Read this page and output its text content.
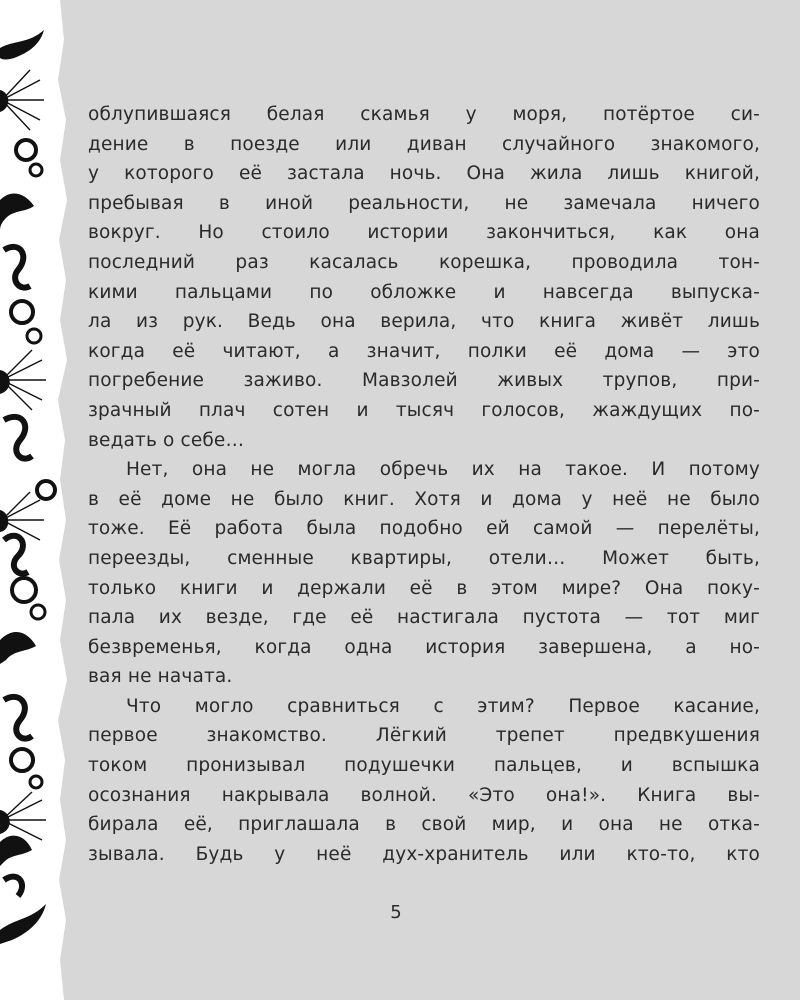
облупившаяся белая скамья у моря, потёртое си-
дение в поезде или диван случайного знакомого,
у которого её застала ночь. Она жила лишь книгой,
пребывая в иной реальности, не замечала ничего
вокруг. Но стоило истории закончиться, как она
последний раз касалась корешка, проводила тон-
кими пальцами по обложке и навсегда выпуска-
ла из рук. Ведь она верила, что книга живёт лишь
когда её читают, а значит, полки её дома — это
погребение заживо. Мавзолей живых трупов, при-
зрачный плач сотен и тысяч голосов, жаждущих по-
ведать о себе…
Нет, она не могла обречь их на такое. И потому
в её доме не было книг. Хотя и дома у неё не было
тоже. Её работа была подобно ей самой — перелёты,
переезды, сменные квартиры, отели… Может быть,
только книги и держали её в этом мире? Она поку-
пала их везде, где её настигала пустота — тот миг
безвременья, когда одна история завершена, а но-
вая не начата.
Что могло сравниться с этим? Первое касание,
первое знакомство. Лёгкий трепет предвкушения
током пронизывал подушечки пальцев, и вспышка
осознания накрывала волной. «Это она!». Книга вы-
бирала её, приглашала в свой мир, и она не отка-
зывала. Будь у неё дух-хранитель или кто-то, кто
5
